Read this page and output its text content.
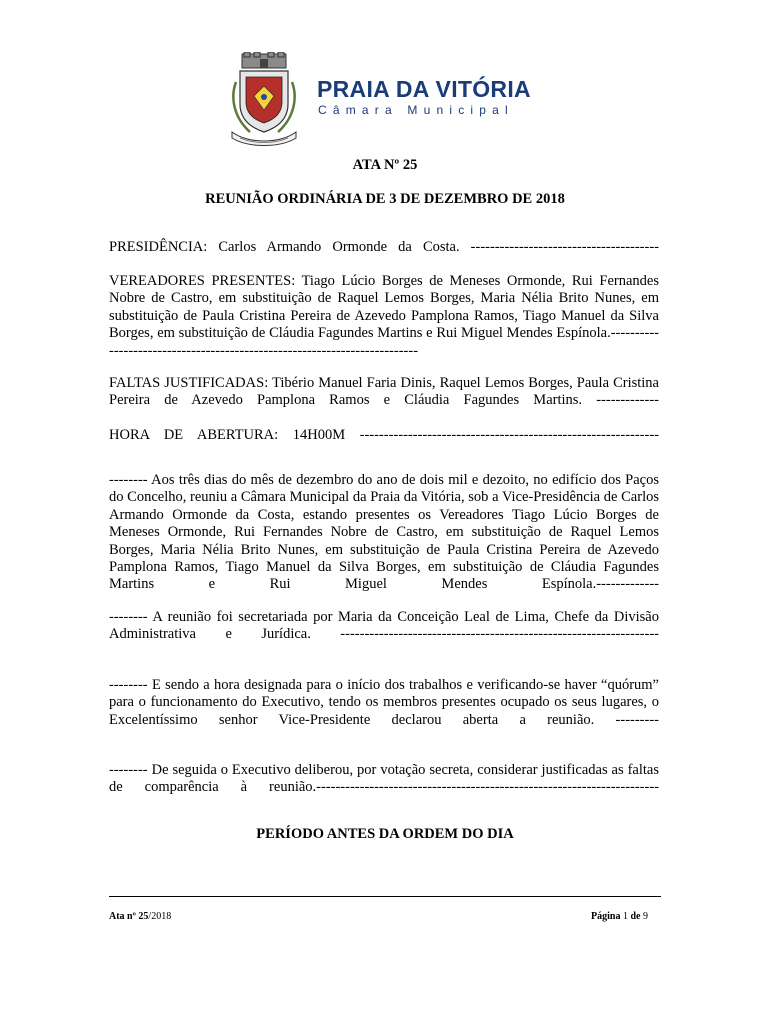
PRAIA DA VITÓRIA
Câmara Municipal
ATA Nº 25
REUNIÃO ORDINÁRIA DE 3 DE DEZEMBRO DE 2018
PRESIDÊNCIA: Carlos Armando Ormonde da Costa. ---------------------------------------
VEREADORES PRESENTES: Tiago Lúcio Borges de Meneses Ormonde, Rui Fernandes Nobre de Castro, em substituição de Raquel Lemos Borges, Maria Nélia Brito Nunes, em substituição de Paula Cristina Pereira de Azevedo Pamplona Ramos, Tiago Manuel da Silva Borges, em substituição de Cláudia Fagundes Martins e Rui Miguel Mendes Espínola.--------------------------------------------------------------------------
FALTAS JUSTIFICADAS: Tibério Manuel Faria Dinis, Raquel Lemos Borges, Paula Cristina Pereira de Azevedo Pamplona Ramos e Cláudia Fagundes Martins. -------------
HORA DE ABERTURA: 14H00M --------------------------------------------------------------
-------- Aos três dias do mês de dezembro do ano de dois mil e dezoito, no edifício dos Paços do Concelho, reuniu a Câmara Municipal da Praia da Vitória, sob a Vice-Presidência de Carlos Armando Ormonde da Costa, estando presentes os Vereadores Tiago Lúcio Borges de Meneses Ormonde, Rui Fernandes Nobre de Castro, em substituição de Raquel Lemos Borges, Maria Nélia Brito Nunes, em substituição de Paula Cristina Pereira de Azevedo Pamplona Ramos, Tiago Manuel da Silva Borges, em substituição de Cláudia Fagundes Martins e Rui Miguel Mendes Espínola.-------------
-------- A reunião foi secretariada por Maria da Conceição Leal de Lima, Chefe da Divisão Administrativa e Jurídica. ------------------------------------------------------------------
-------- E sendo a hora designada para o início dos trabalhos e verificando-se haver “quórum” para o funcionamento do Executivo, tendo os membros presentes ocupado os seus lugares, o Excelentíssimo senhor Vice-Presidente declarou aberta a reunião. ---------
-------- De seguida o Executivo deliberou, por votação secreta, considerar justificadas as faltas de comparência à reunião.-----------------------------------------------------------------------
PERÍODO ANTES DA ORDEM DO DIA
Ata nº 25/2018	Página 1 de 9
